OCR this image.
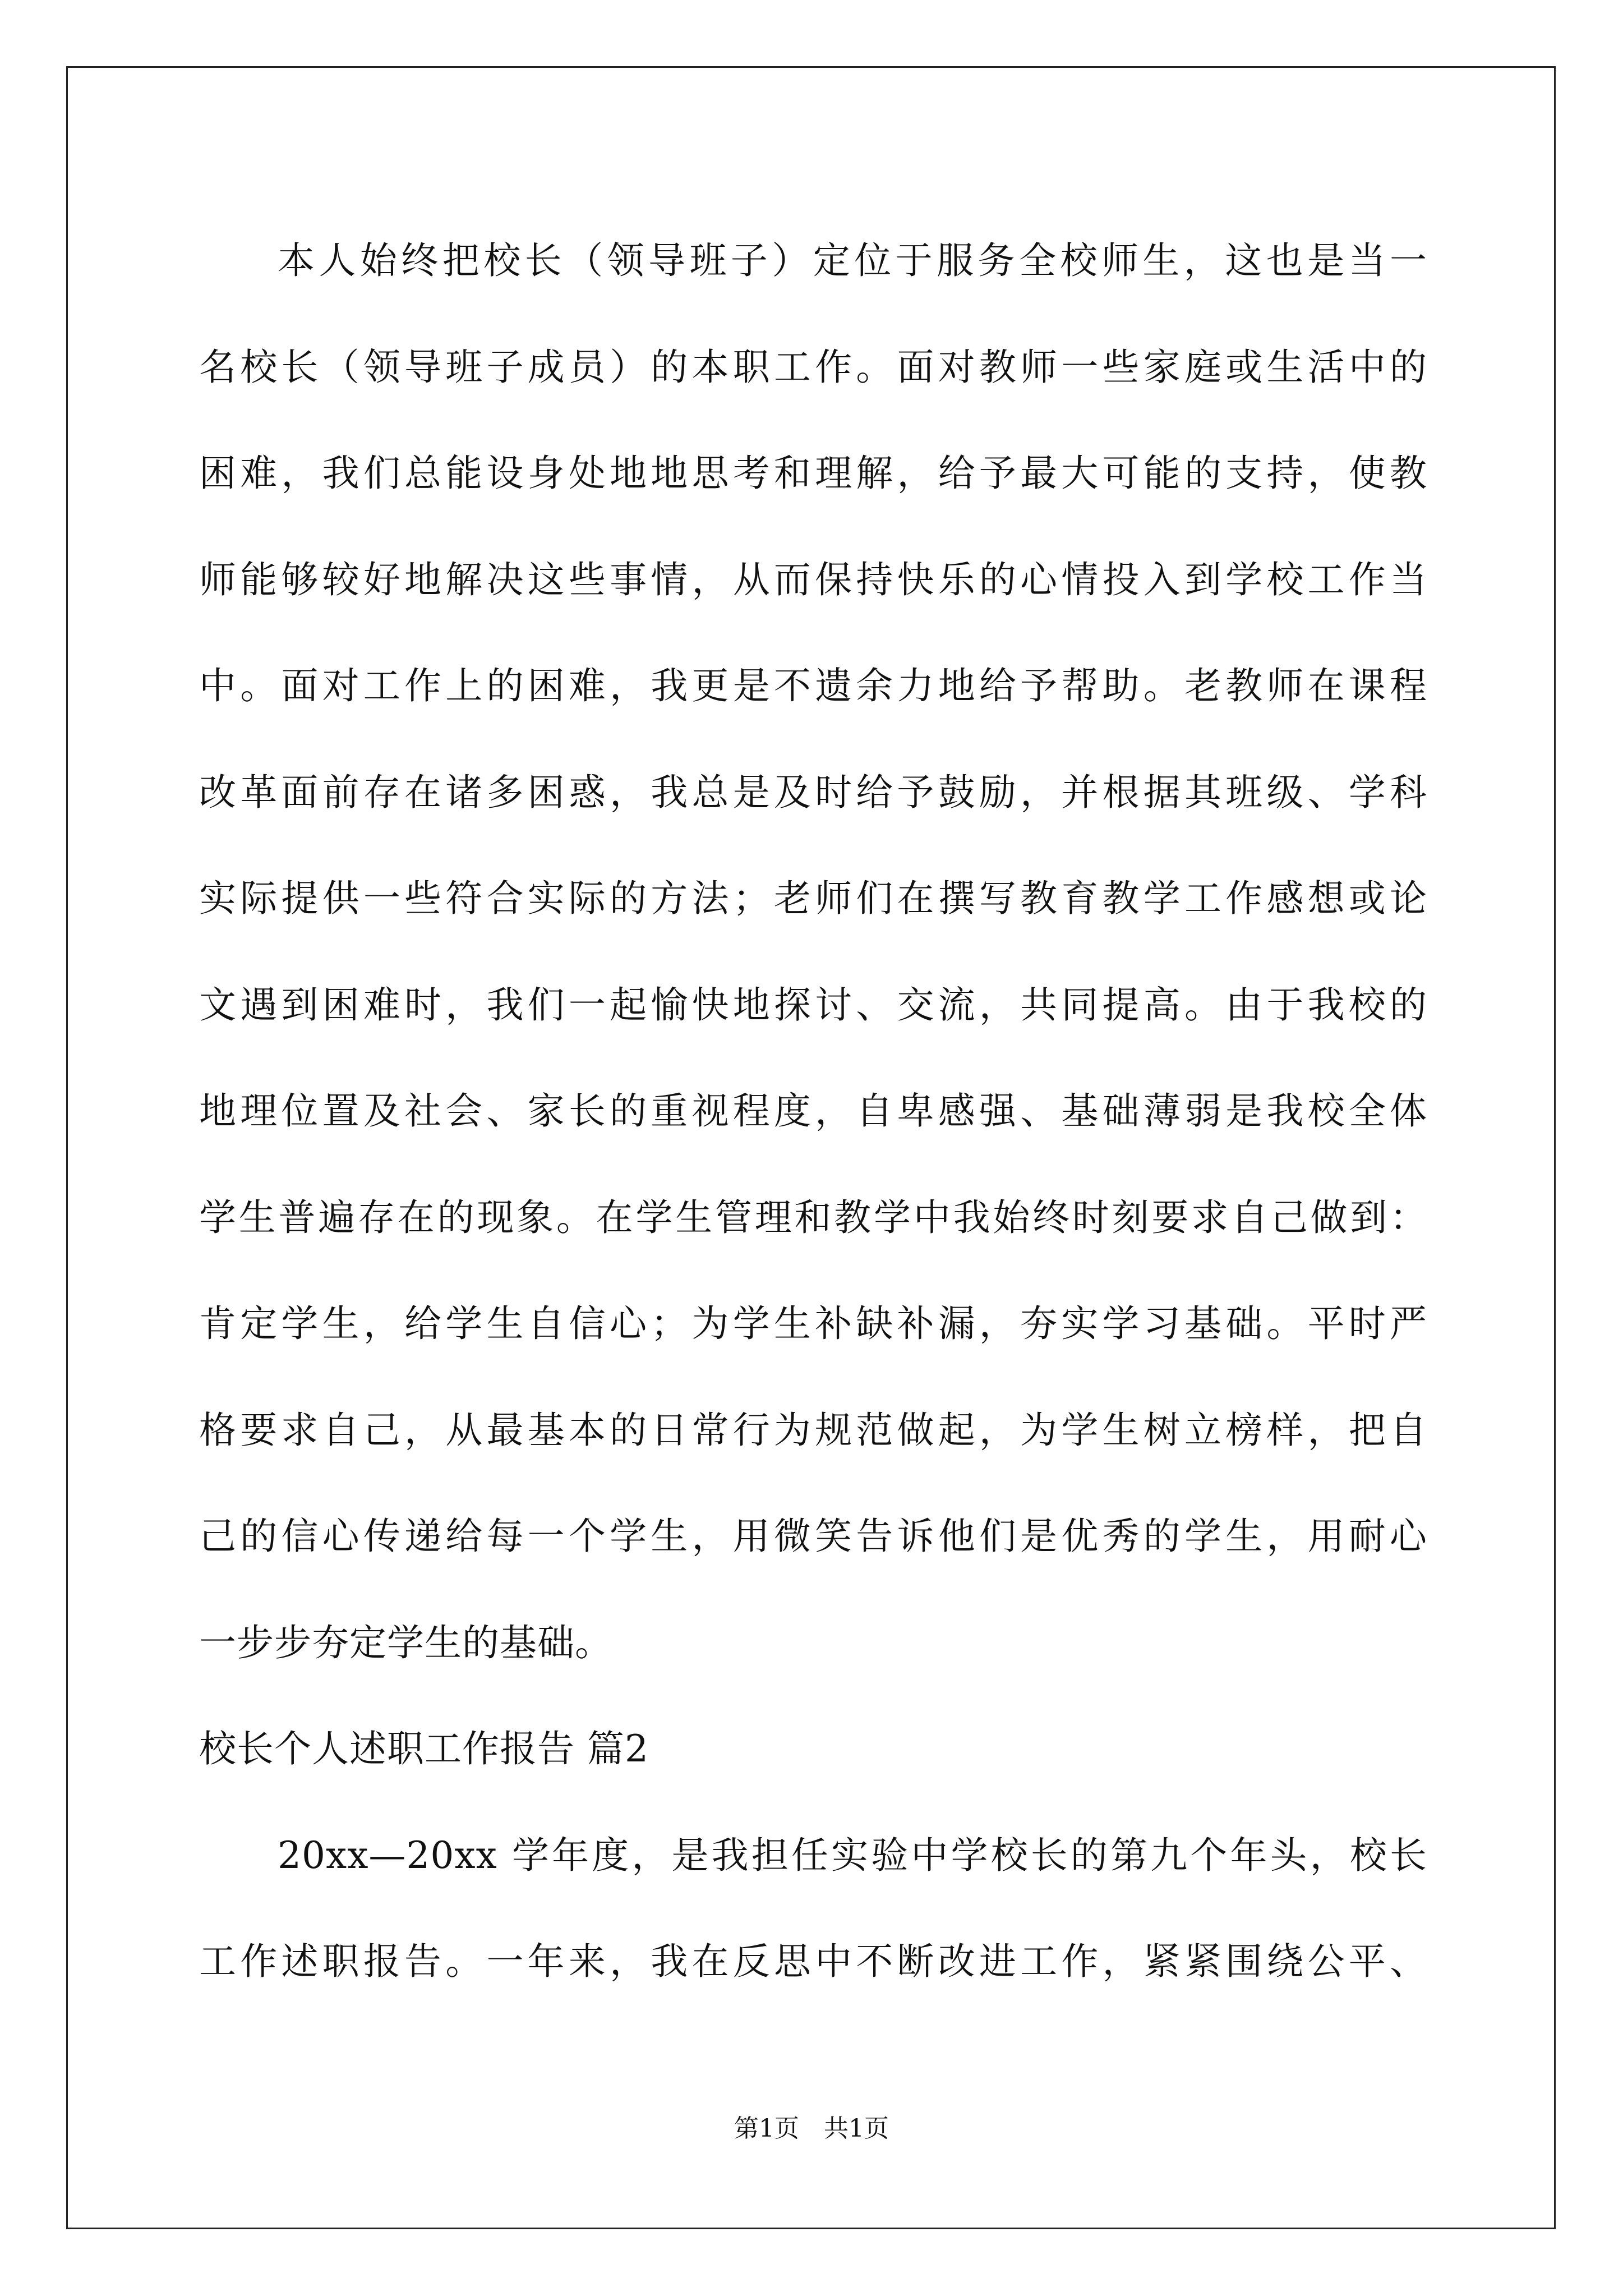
本人始终把校长（领导班子）定位于服务全校师生，这也是当一
名校长（领导班子成员）的本职工作。面对教师一些家庭或生活中的
困难，我们总能设身处地地思考和理解，给予最大可能的支持，使教
师能够较好地解决这些事情，从而保持快乐的心情投入到学校工作当
中。面对工作上的困难，我更是不遗余力地给予帮助。老教师在课程
改革面前存在诸多困惑，我总是及时给予鼓励，并根据其班级、学科
实际提供一些符合实际的方法；老师们在撰写教育教学工作感想或论
文遇到困难时，我们一起愉快地探讨、交流，共同提高。由于我校的
地理位置及社会、家长的重视程度，自卑感强、基础薄弱是我校全体
学生普遍存在的现象。在学生管理和教学中我始终时刻要求自己做到：
肯定学生，给学生自信心；为学生补缺补漏，夯实学习基础。平时严
格要求自己，从最基本的日常行为规范做起，为学生树立榜样，把自
己的信心传递给每一个学生，用微笑告诉他们是优秀的学生，用耐心
一步步夯定学生的基础。
校长个人述职工作报告 篇2
20xx—20xx 学年度，是我担任实验中学校长的第九个年头，校长
工作述职报告。一年来，我在反思中不断改进工作，紧紧围绕公平、
第1页　共1页
